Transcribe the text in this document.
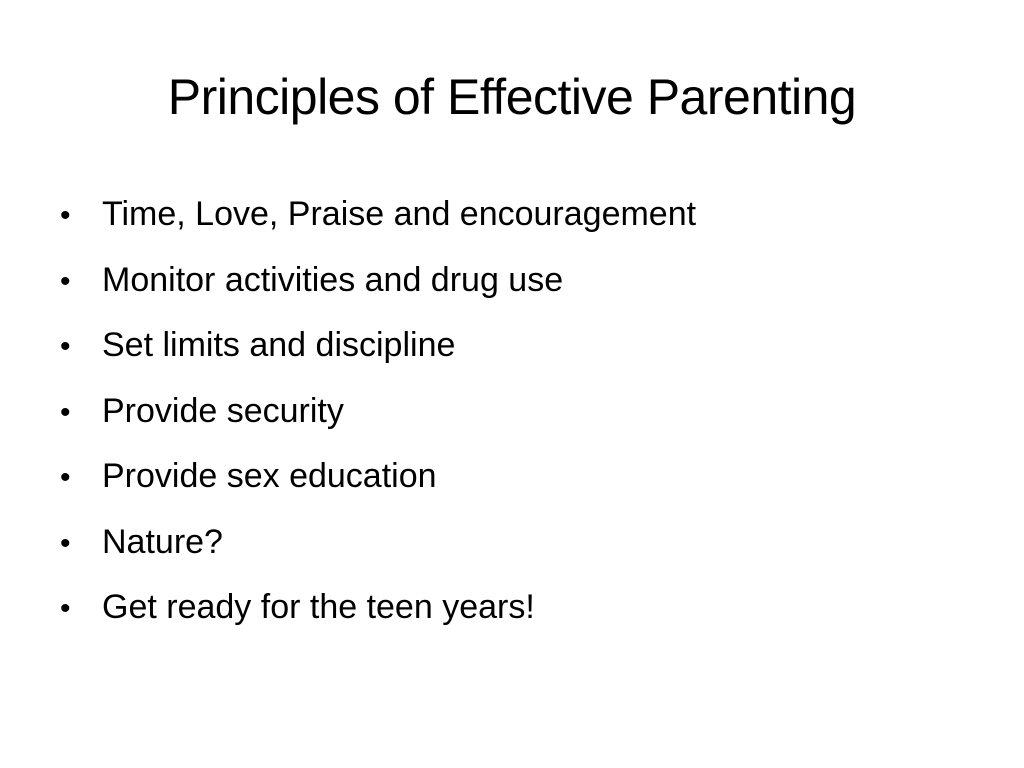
Principles of Effective Parenting
• Time, Love, Praise and encouragement
• Monitor activities and drug use
• Set limits and discipline
• Provide security
• Provide sex education
• Nature?
• Get ready for the teen years!
